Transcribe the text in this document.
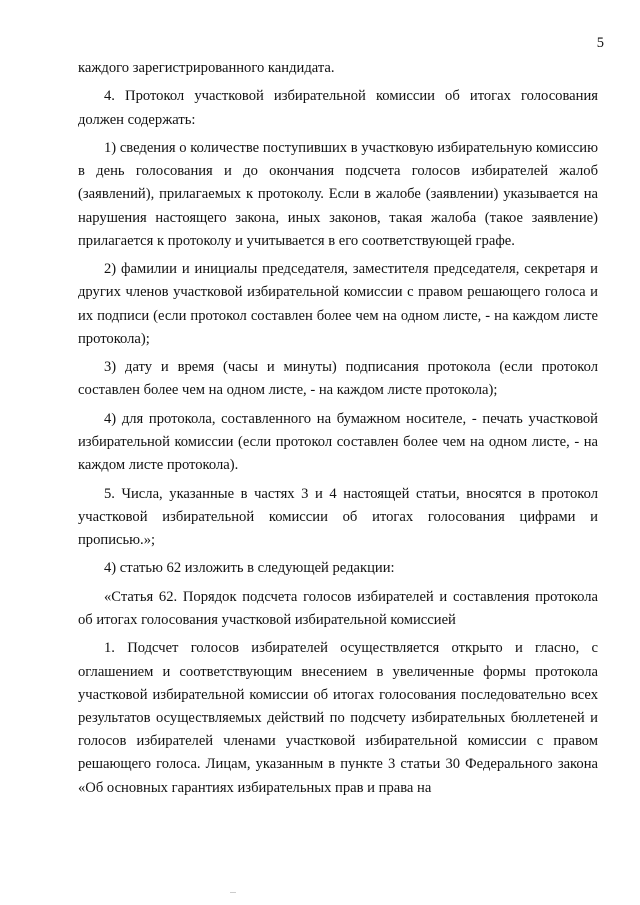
5

каждого зарегистрированного кандидата.

4. Протокол участковой избирательной комиссии об итогах голосования должен содержать:

1) сведения о количестве поступивших в участковую избирательную комиссию в день голосования и до окончания подсчета голосов избирателей жалоб (заявлений), прилагаемых к протоколу. Если в жалобе (заявлении) указывается на нарушения настоящего закона, иных законов, такая жалоба (такое заявление) прилагается к протоколу и учитывается в его соответствующей графе.

2) фамилии и инициалы председателя, заместителя председателя, секретаря и других членов участковой избирательной комиссии с правом решающего голоса и их подписи (если протокол составлен более чем на одном листе, - на каждом листе протокола);

3) дату и время (часы и минуты) подписания протокола (если протокол составлен более чем на одном листе, - на каждом листе протокола);

4) для протокола, составленного на бумажном носителе, - печать участковой избирательной комиссии (если протокол составлен более чем на одном листе, - на каждом листе протокола).

5. Числа, указанные в частях 3 и 4 настоящей статьи, вносятся в протокол участковой избирательной комиссии об итогах голосования цифрами и прописью.»;

4) статью 62 изложить в следующей редакции:

«Статья 62. Порядок подсчета голосов избирателей и составления протокола об итогах голосования участковой избирательной комиссией

1. Подсчет голосов избирателей осуществляется открыто и гласно, с оглашением и соответствующим внесением в увеличенные формы протокола участковой избирательной комиссии об итогах голосования последовательно всех результатов осуществляемых действий по подсчету избирательных бюллетеней и голосов избирателей членами участковой избирательной комиссии с правом решающего голоса. Лицам, указанным в пункте 3 статьи 30 Федерального закона «Об основных гарантиях избирательных прав и права на
